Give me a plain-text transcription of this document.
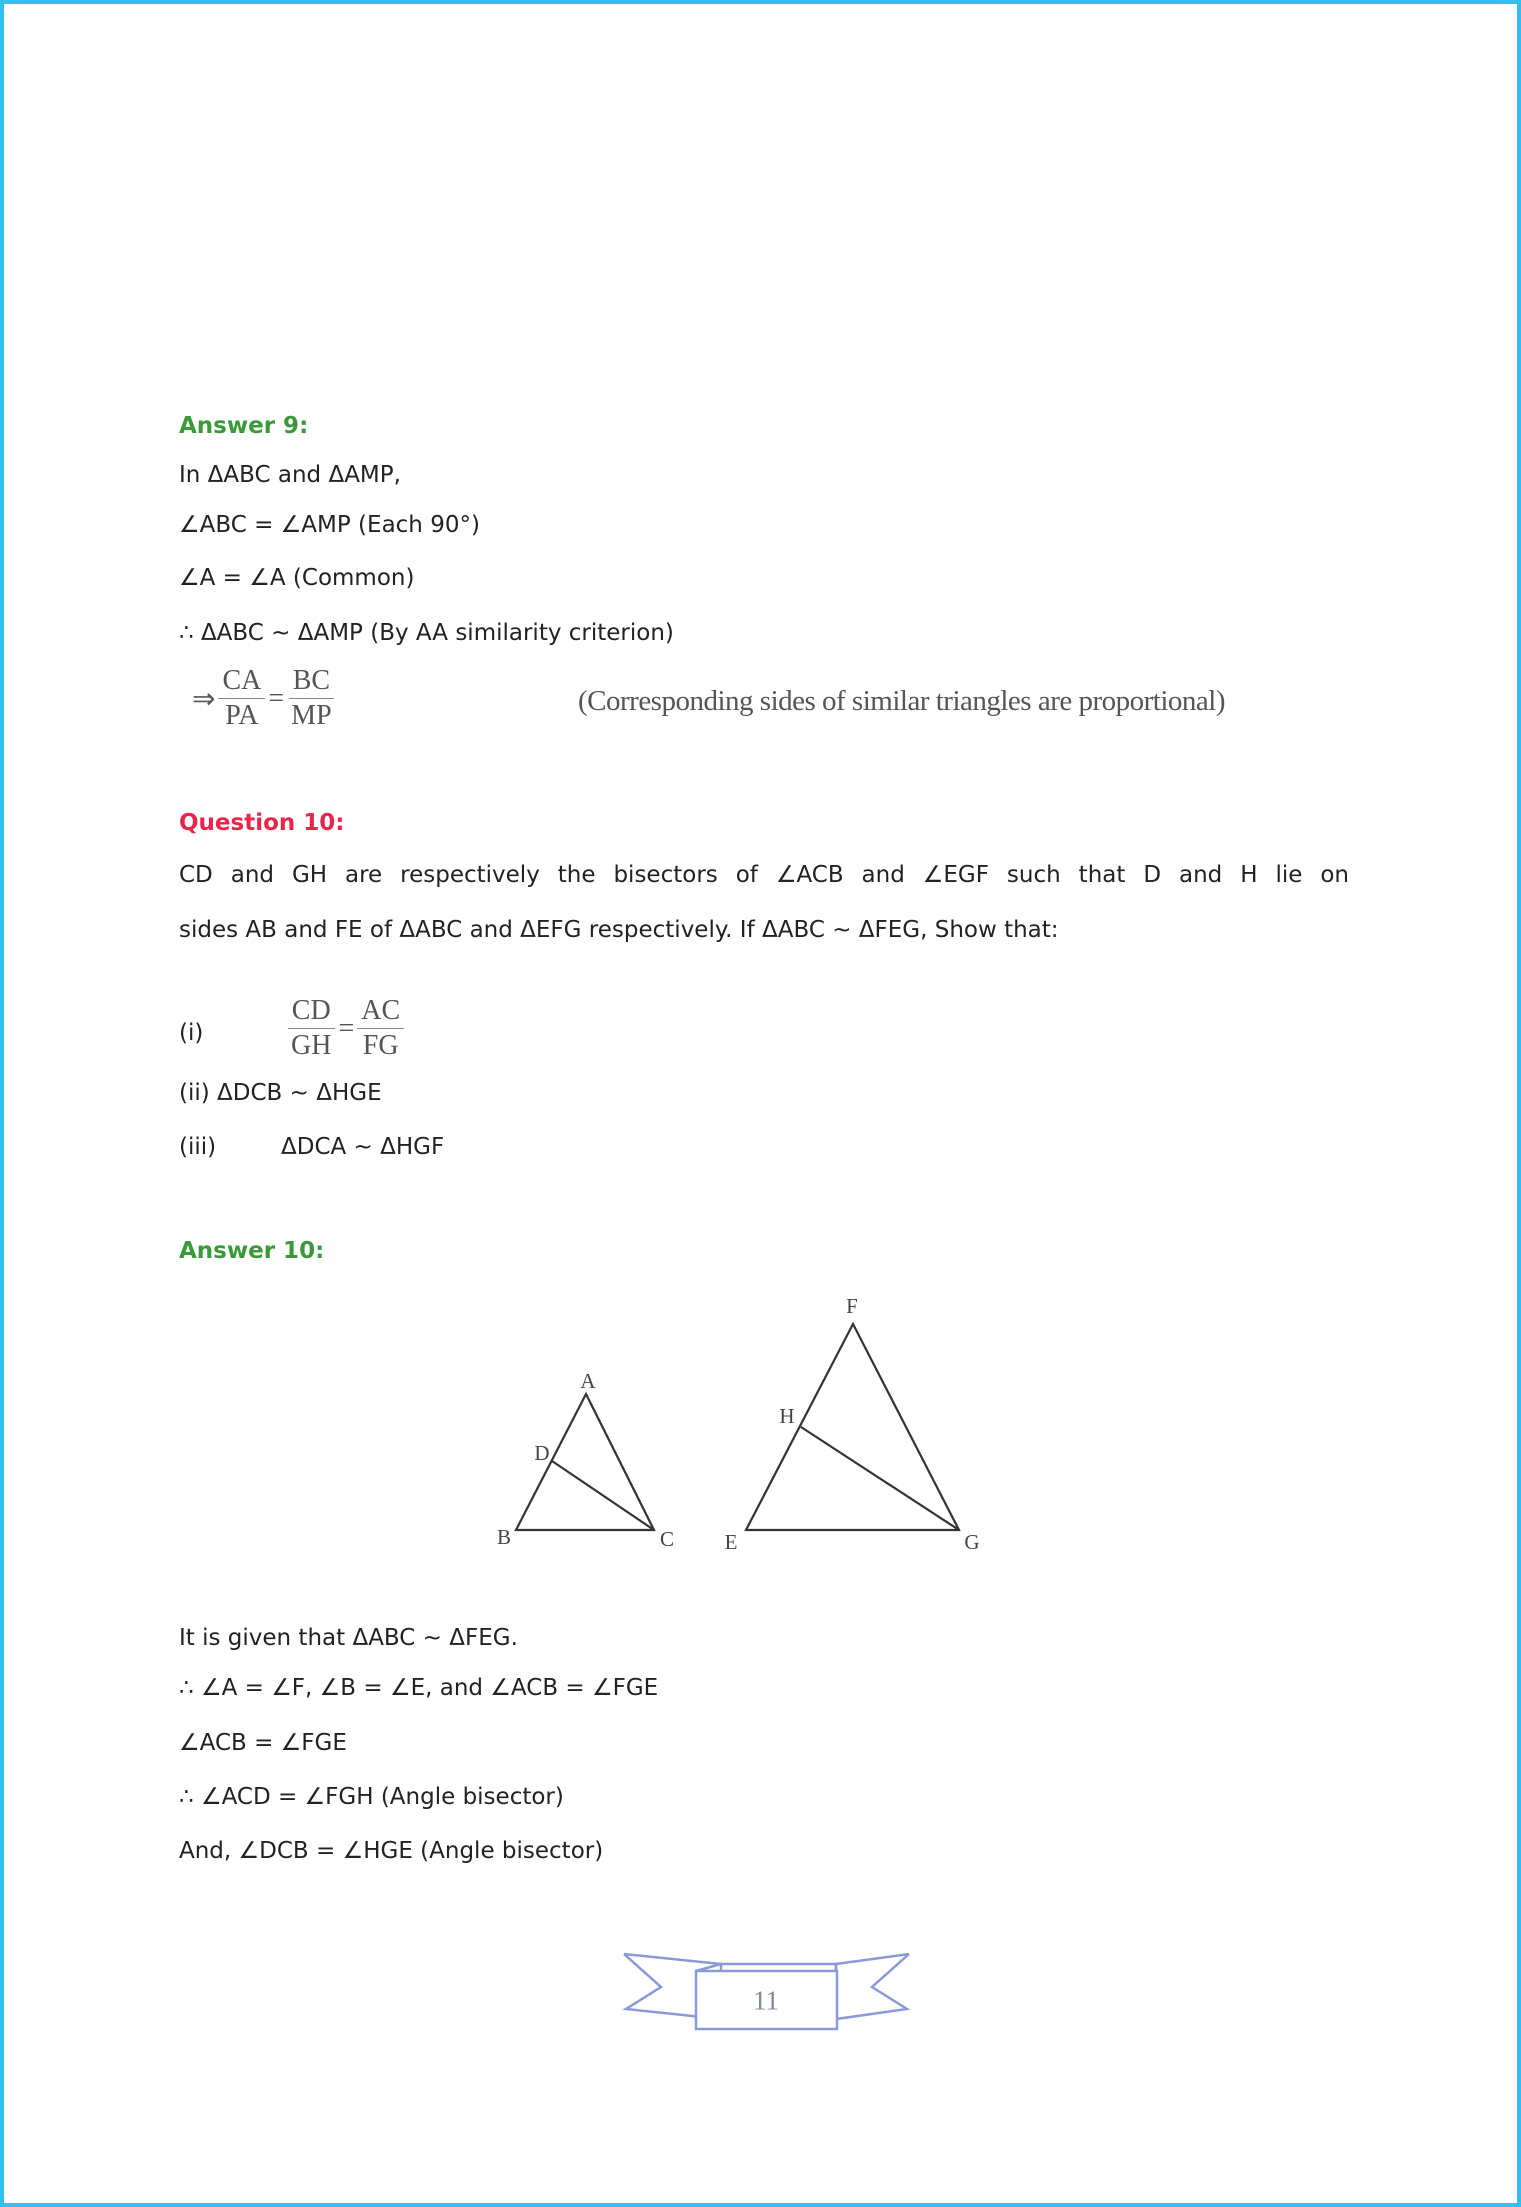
Answer 9:
In ΔABC and ΔAMP,
∠ABC = ∠AMP (Each 90°)
∠A = ∠A (Common)
∴ ΔABC ~ ΔAMP (By AA similarity criterion)
⇒ $\frac{CA}{PA} = \frac{BC}{MP}$	(Corresponding sides of similar triangles are proportional)
Question 10:
CD and GH are respectively the bisectors of ∠ACB and ∠EGF such that D and H lie on
sides AB and FE of ΔABC and ΔEFG respectively. If ΔABC ~ ΔFEG, Show that:
(i)	$\frac{CD}{GH} = \frac{AC}{FG}$
(ii) ΔDCB ~ ΔHGE
(iii)	ΔDCA ~ ΔHGF
Answer 10:
A
B	C
D
F
H
E	G
11
It is given that ΔABC ~ ΔFEG.
∴ ∠A = ∠F, ∠B = ∠E, and ∠ACB = ∠FGE
∠ACB = ∠FGE
∴ ∠ACD = ∠FGH (Angle bisector)
And, ∠DCB = ∠HGE (Angle bisector)
